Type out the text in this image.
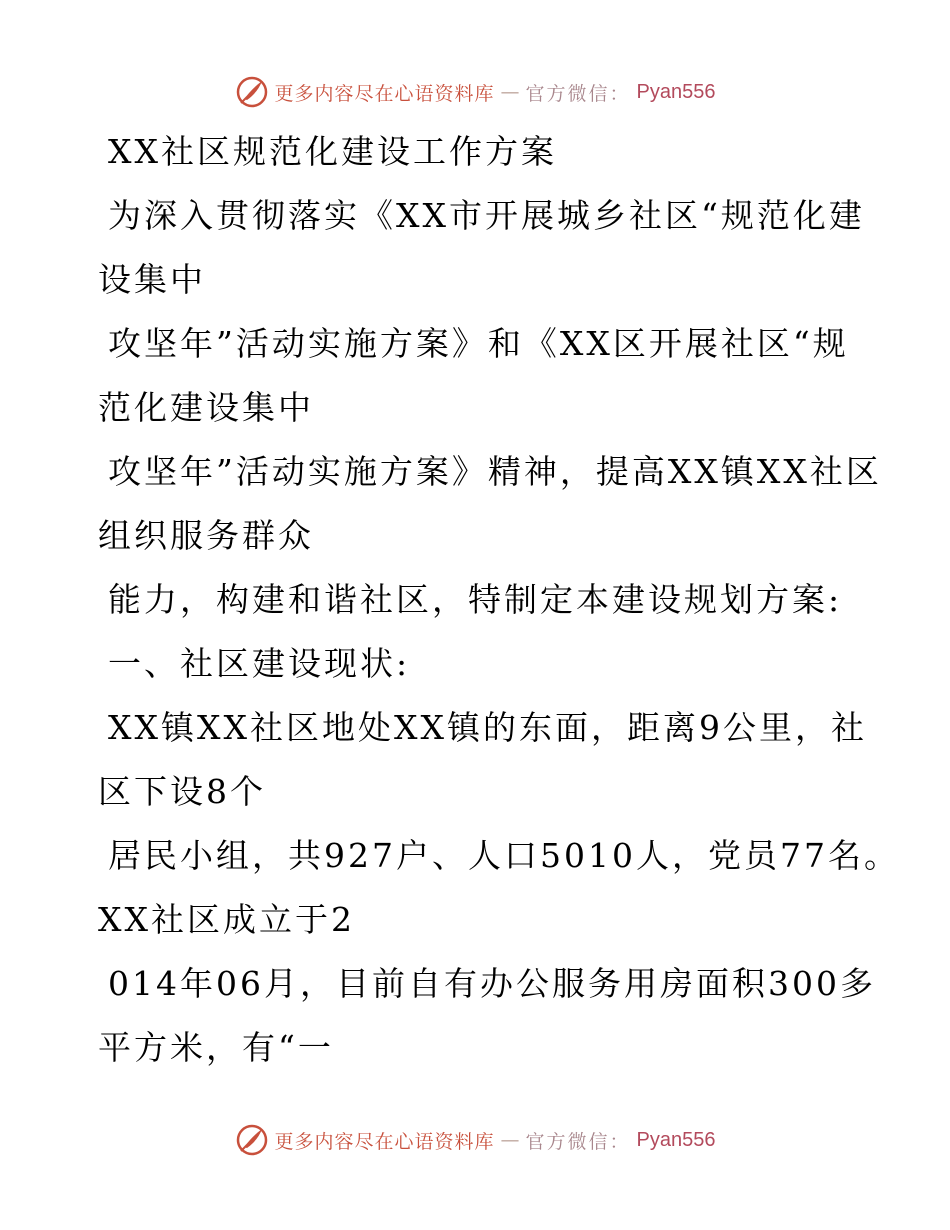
更多内容尽在心语资料库 — 官方微信： Pyan556

XX社区规范化建设工作方案

为深入贯彻落实《XX市开展城乡社区“规范化建
设集中

攻坚年”活动实施方案》和《XX区开展社区“规
范化建设集中

攻坚年”活动实施方案》精神，提高XX镇XX社区
组织服务群众

能力，构建和谐社区，特制定本建设规划方案:

一、社区建设现状:

XX镇XX社区地处XX镇的东面，距离9公里，社
区下设8个

居民小组，共927户、人口5010人，党员77名。
XX社区成立于2

014年06月，目前自有办公服务用房面积300多
平方米，有“一

更多内容尽在心语资料库 — 官方微信： Pyan556
